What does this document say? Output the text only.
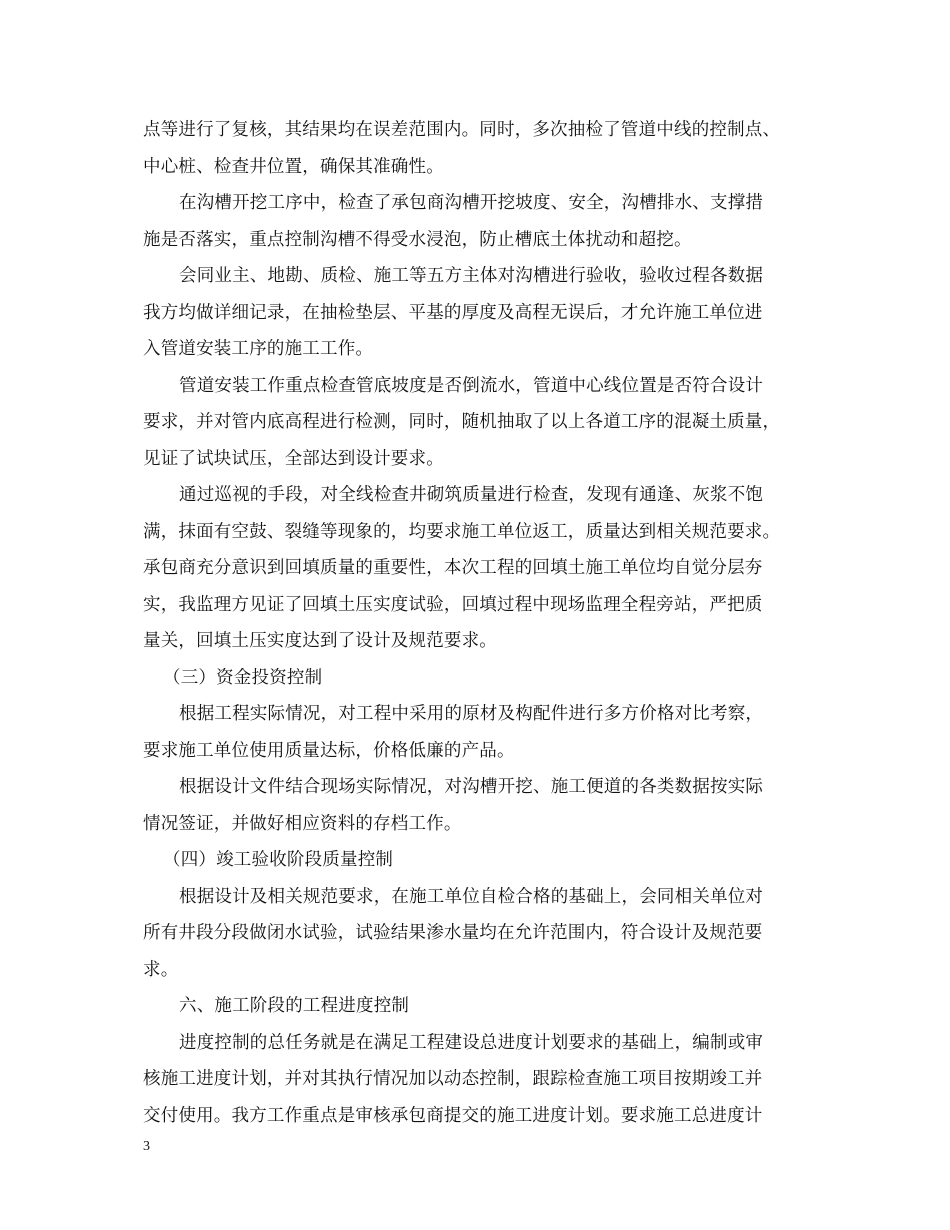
点等进行了复核，其结果均在误差范围内。同时，多次抽检了管道中线的控制点、
中心桩、检查井位置，确保其准确性。
在沟槽开挖工序中，检查了承包商沟槽开挖坡度、安全，沟槽排水、支撑措
施是否落实，重点控制沟槽不得受水浸泡，防止槽底土体扰动和超挖。
会同业主、地勘、质检、施工等五方主体对沟槽进行验收，验收过程各数据
我方均做详细记录，在抽检垫层、平基的厚度及高程无误后，才允许施工单位进
入管道安装工序的施工工作。
管道安装工作重点检查管底坡度是否倒流水，管道中心线位置是否符合设计
要求，并对管内底高程进行检测，同时，随机抽取了以上各道工序的混凝土质量，
见证了试块试压，全部达到设计要求。
通过巡视的手段，对全线检查井砌筑质量进行检查，发现有通逢、灰浆不饱
满，抹面有空鼓、裂缝等现象的，均要求施工单位返工，质量达到相关规范要求。
承包商充分意识到回填质量的重要性，本次工程的回填土施工单位均自觉分层夯
实，我监理方见证了回填土压实度试验，回填过程中现场监理全程旁站，严把质
量关，回填土压实度达到了设计及规范要求。
（三）资金投资控制
根据工程实际情况，对工程中采用的原材及构配件进行多方价格对比考察，
要求施工单位使用质量达标，价格低廉的产品。
根据设计文件结合现场实际情况，对沟槽开挖、施工便道的各类数据按实际
情况签证，并做好相应资料的存档工作。
（四）竣工验收阶段质量控制
根据设计及相关规范要求，在施工单位自检合格的基础上，会同相关单位对
所有井段分段做闭水试验，试验结果渗水量均在允许范围内，符合设计及规范要
求。
六、施工阶段的工程进度控制
进度控制的总任务就是在满足工程建设总进度计划要求的基础上，编制或审
核施工进度计划，并对其执行情况加以动态控制，跟踪检查施工项目按期竣工并
交付使用。我方工作重点是审核承包商提交的施工进度计划。要求施工总进度计
3
